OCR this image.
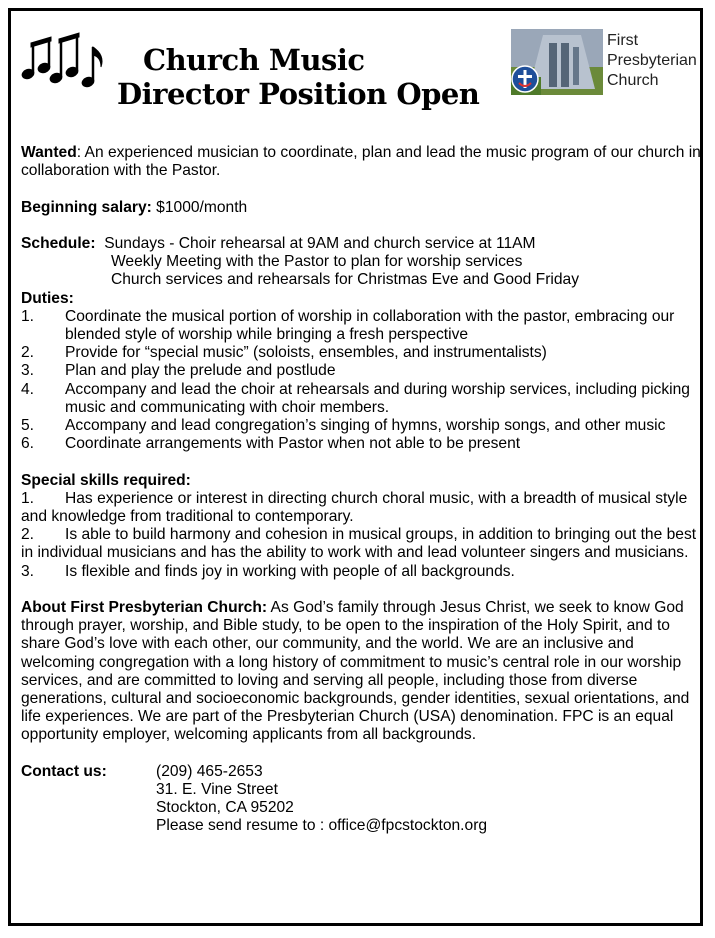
Church Music
Director Position Open
First
Presbyterian
Church

Wanted: An experienced musician to coordinate, plan and lead the music program of our church in collaboration with the Pastor.

Beginning salary: $1000/month

Schedule: Sundays - Choir rehearsal at 9AM and church service at 11AM

Weekly Meeting with the Pastor to plan for worship services

Church services and rehearsals for Christmas Eve and Good Friday

Duties:

1.	Coordinate the musical portion of worship in collaboration with the pastor, embracing our blended style of worship while bringing a fresh perspective
2.	Provide for “special music” (soloists, ensembles, and instrumentalists)
3.	Plan and play the prelude and postlude
4.	Accompany and lead the choir at rehearsals and during worship services, including picking music and communicating with choir members.
5.	Accompany and lead congregation’s singing of hymns, worship songs, and other music
6.	Coordinate arrangements with Pastor when not able to be present

Special skills required:

1. Has experience or interest in directing church choral music, with a breadth of musical style and knowledge from traditional to contemporary.

2. Is able to build harmony and cohesion in musical groups, in addition to bringing out the best in individual musicians and has the ability to work with and lead volunteer singers and musicians.

3. Is flexible and finds joy in working with people of all backgrounds.

About First Presbyterian Church: As God’s family through Jesus Christ, we seek to know God through prayer, worship, and Bible study, to be open to the inspiration of the Holy Spirit, and to share God’s love with each other, our community, and the world. We are an inclusive and welcoming congregation with a long history of commitment to music’s central role in our worship services, and are committed to loving and serving all people, including those from diverse generations, cultural and socioeconomic backgrounds, gender identities, sexual orientations, and life experiences. We are part of the Presbyterian Church (USA) denomination. FPC is an equal opportunity employer, welcoming applicants from all backgrounds.

Contact us:	(209) 465-2653
31. E. Vine Street
Stockton, CA 95202
Please send resume to : office@fpcstockton.org
